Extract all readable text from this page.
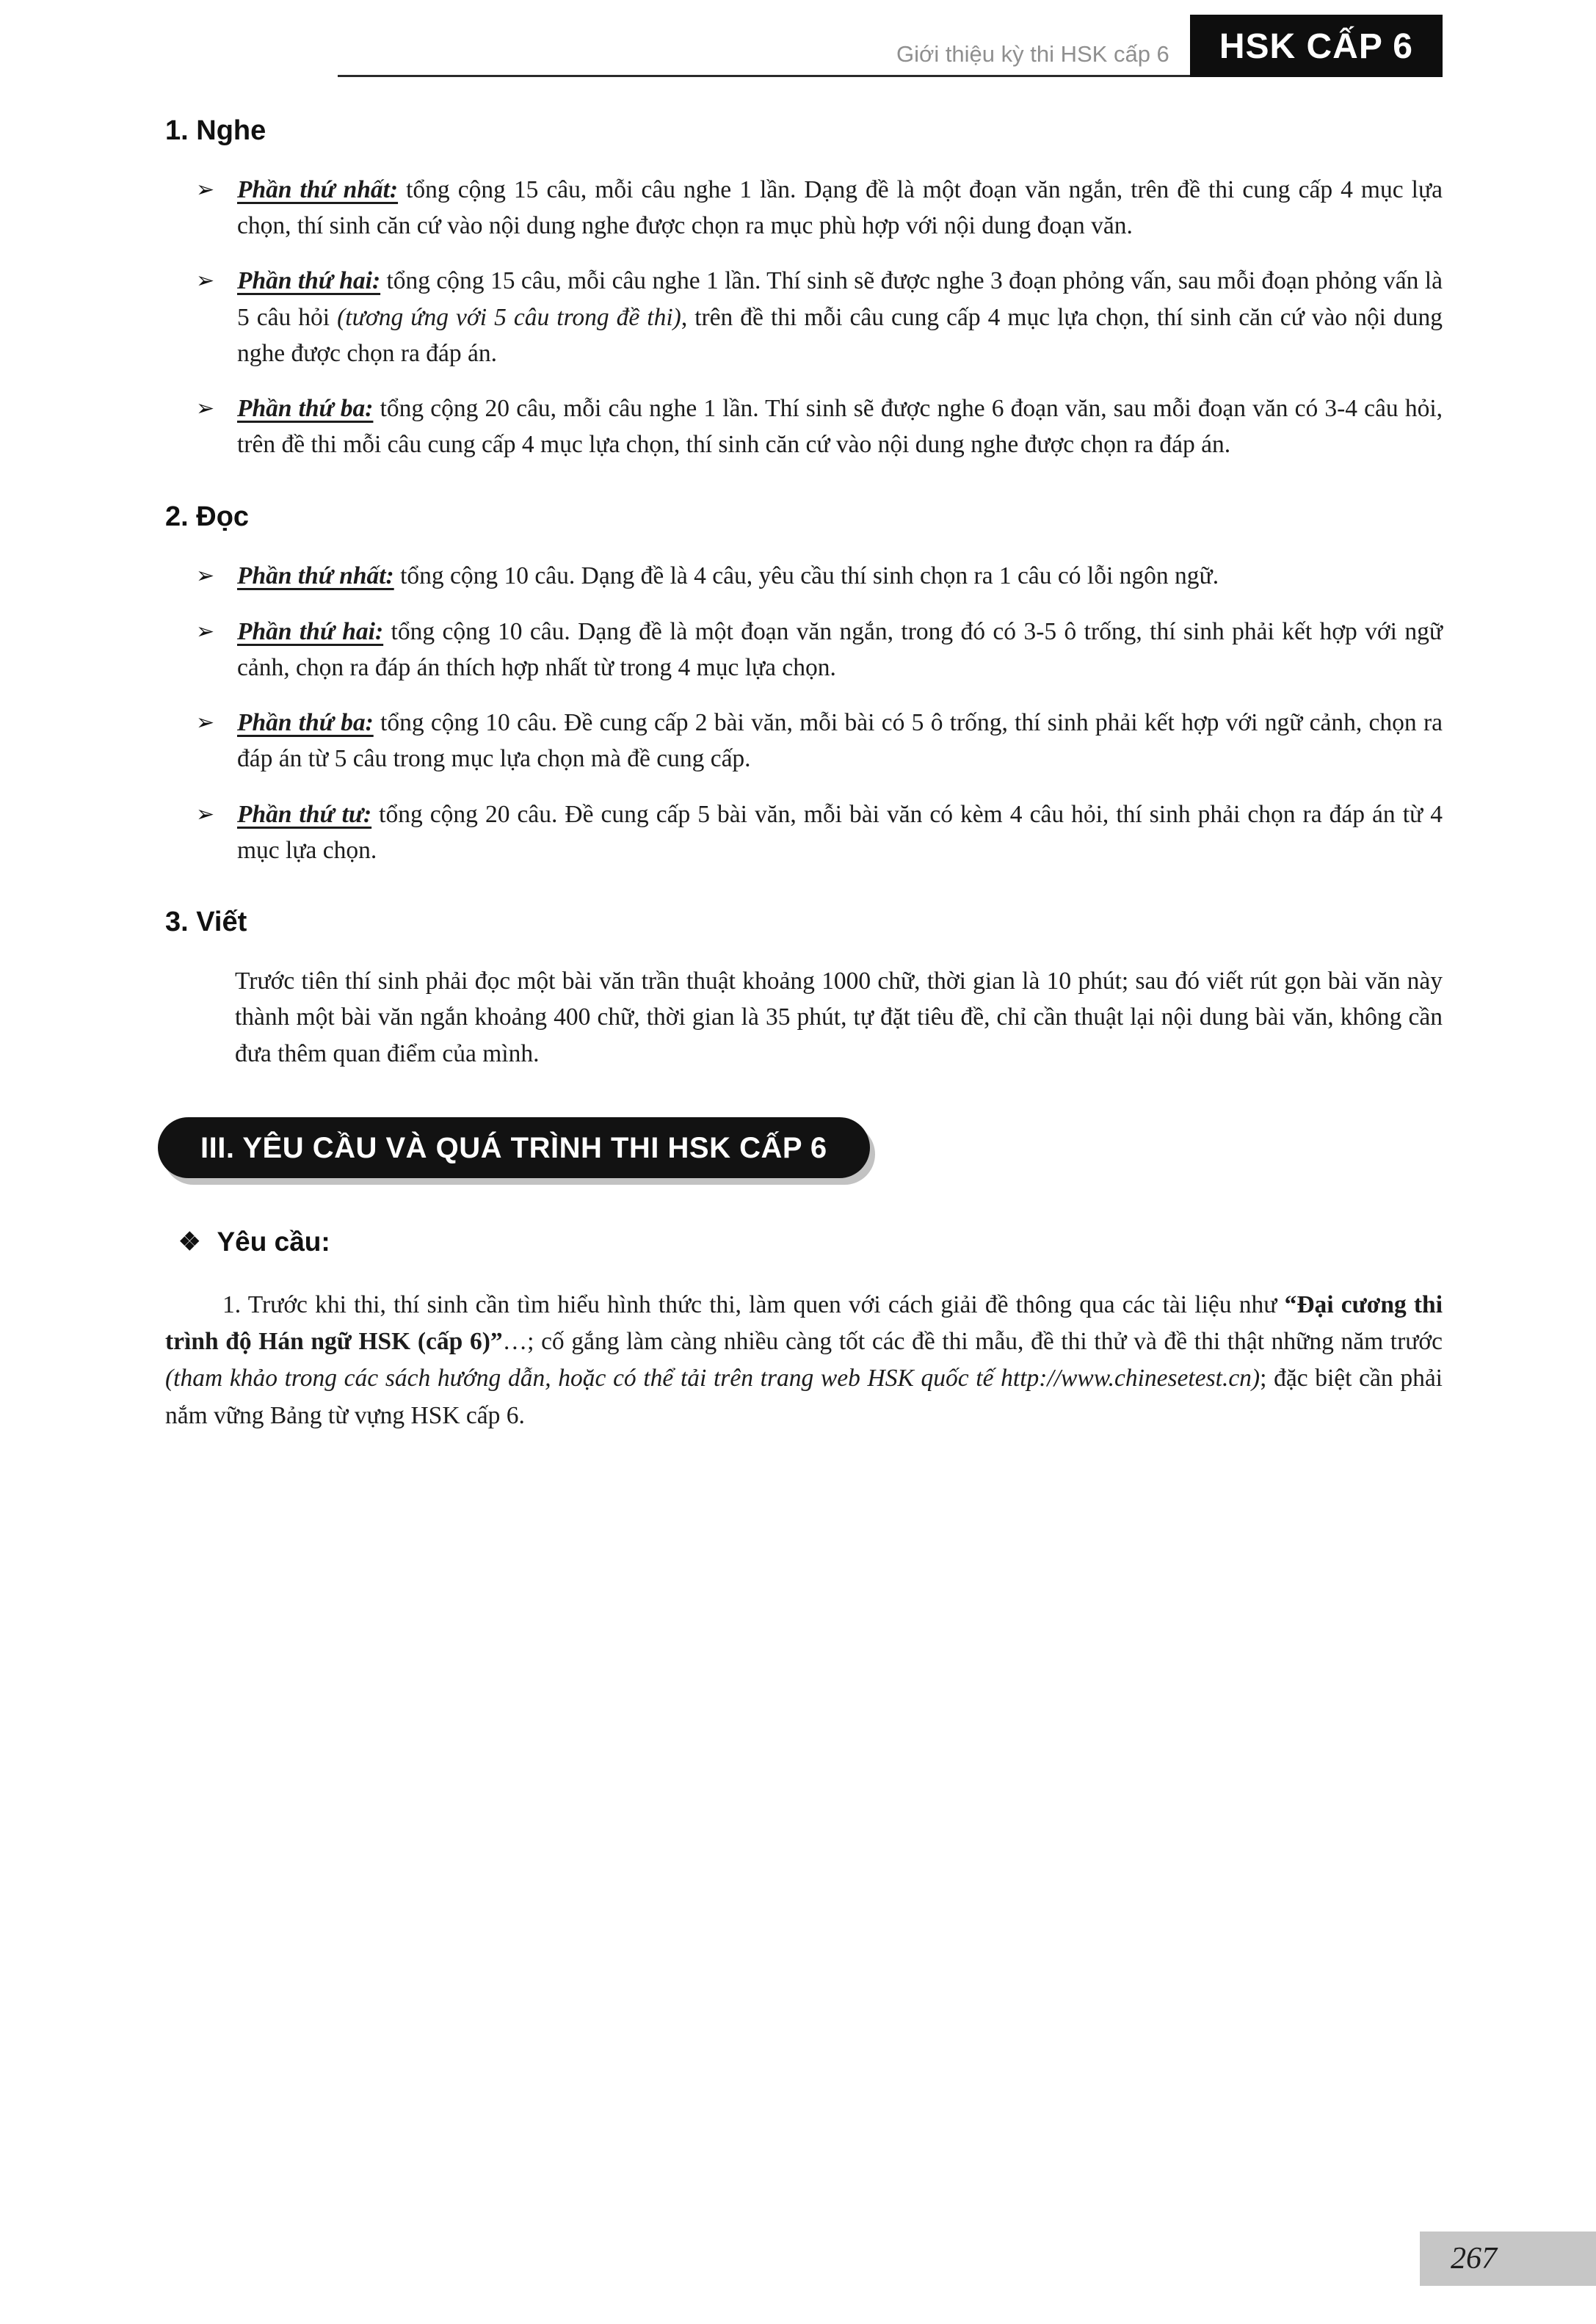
Giới thiệu kỳ thi HSK cấp 6	HSK CẤP 6
1. Nghe
➢ Phần thứ nhất: tổng cộng 15 câu, mỗi câu nghe 1 lần. Dạng đề là một đoạn văn ngắn, trên đề thi cung cấp 4 mục lựa chọn, thí sinh căn cứ vào nội dung nghe được chọn ra mục phù hợp với nội dung đoạn văn.
➢ Phần thứ hai: tổng cộng 15 câu, mỗi câu nghe 1 lần. Thí sinh sẽ được nghe 3 đoạn phỏng vấn, sau mỗi đoạn phỏng vấn là 5 câu hỏi (tương ứng với 5 câu trong đề thi), trên đề thi mỗi câu cung cấp 4 mục lựa chọn, thí sinh căn cứ vào nội dung nghe được chọn ra đáp án.
➢ Phần thứ ba: tổng cộng 20 câu, mỗi câu nghe 1 lần. Thí sinh sẽ được nghe 6 đoạn văn, sau mỗi đoạn văn có 3-4 câu hỏi, trên đề thi mỗi câu cung cấp 4 mục lựa chọn, thí sinh căn cứ vào nội dung nghe được chọn ra đáp án.
2. Đọc
➢ Phần thứ nhất: tổng cộng 10 câu. Dạng đề là 4 câu, yêu cầu thí sinh chọn ra 1 câu có lỗi ngôn ngữ.
➢ Phần thứ hai: tổng cộng 10 câu. Dạng đề là một đoạn văn ngắn, trong đó có 3-5 ô trống, thí sinh phải kết hợp với ngữ cảnh, chọn ra đáp án thích hợp nhất từ trong 4 mục lựa chọn.
➢ Phần thứ ba: tổng cộng 10 câu. Đề cung cấp 2 bài văn, mỗi bài có 5 ô trống, thí sinh phải kết hợp với ngữ cảnh, chọn ra đáp án từ 5 câu trong mục lựa chọn mà đề cung cấp.
➢ Phần thứ tư: tổng cộng 20 câu. Đề cung cấp 5 bài văn, mỗi bài văn có kèm 4 câu hỏi, thí sinh phải chọn ra đáp án từ 4 mục lựa chọn.
3. Viết

Trước tiên thí sinh phải đọc một bài văn trần thuật khoảng 1000 chữ, thời gian là 10 phút; sau đó viết rút gọn bài văn này thành một bài văn ngắn khoảng 400 chữ, thời gian là 35 phút, tự đặt tiêu đề, chỉ cần thuật lại nội dung bài văn, không cần đưa thêm quan điểm của mình.

III. YÊU CẦU VÀ QUÁ TRÌNH THI HSK CẤP 6
❖ Yêu cầu:

1. Trước khi thi, thí sinh cần tìm hiểu hình thức thi, làm quen với cách giải đề thông qua các tài liệu như “Đại cương thi trình độ Hán ngữ HSK (cấp 6)”…; cố gắng làm càng nhiều càng tốt các đề thi mẫu, đề thi thử và đề thi thật những năm trước (tham khảo trong các sách hướng dẫn, hoặc có thể tải trên trang web HSK quốc tế http://www.chinesetest.cn); đặc biệt cần phải nắm vững Bảng từ vựng HSK cấp 6.

267
